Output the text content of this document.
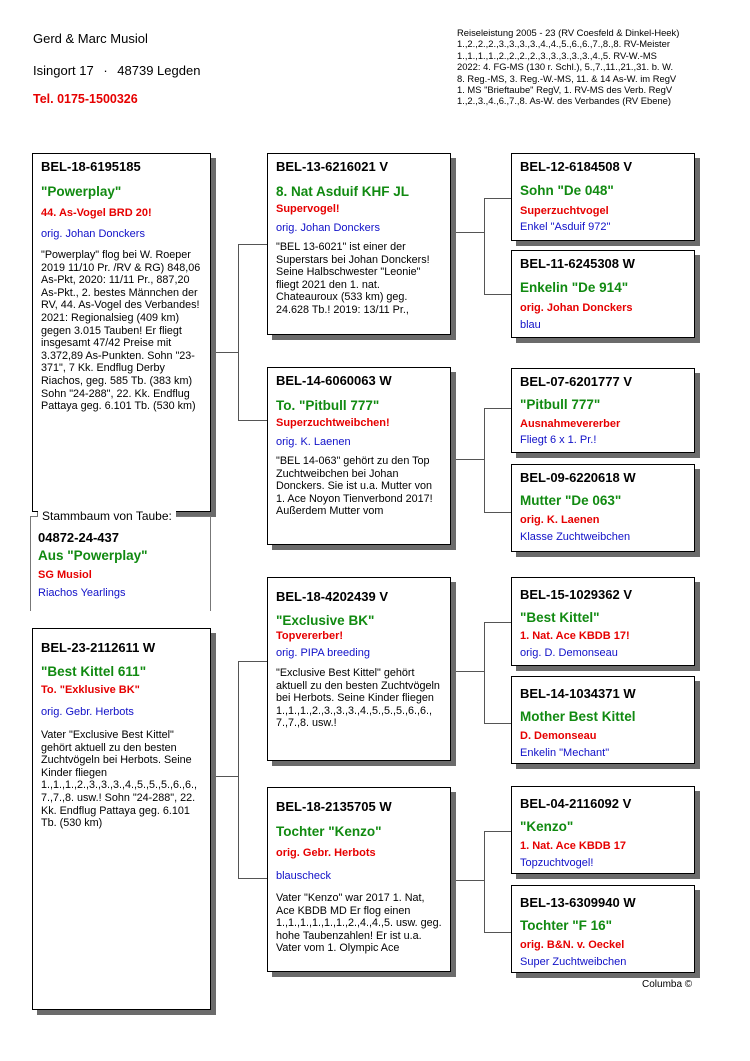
Gerd & Marc Musiol
Isingort 17 · 48739 Legden
Tel. 0175-1500326
Reiseleistung 2005 - 23 (RV Coesfeld & Dinkel-Heek)
1.,2.,2.,2.,3.,3.,3.,3.,4.,4.,5.,6.,6.,7.,8.,8. RV-Meister
1.,1.,1.,1.,2.,2.,2.,2.,3.,3.,3.,3.,3.,4.,5. RV-W.-MS
2022: 4. FG-MS (130 r. Schl.), 5.,7.,11.,21.,31. b. W.
8. Reg.-MS, 3. Reg.-W.-MS, 11. & 14 As-W. im RegV
1. MS "Brieftaube" RegV, 1. RV-MS des Verb. RegV
1.,2.,3.,4.,6.,7.,8. As-W. des Verbandes (RV Ebene)
BEL-18-6195185
"Powerplay"
44. As-Vogel BRD 20!
orig. Johan Donckers
"Powerplay" flog bei W. Roeper 2019 11/10 Pr. /RV & RG) 848,06 As-Pkt, 2020: 11/11 Pr., 887,20 As-Pkt., 2. bestes Männchen der RV, 44. As-Vogel des Verbandes! 2021: Regionalsieg (409 km) gegen 3.015 Tauben! Er fliegt insgesamt 47/42 Preise mit 3.372,89 As-Punkten. Sohn "23-371", 7 Kk. Endflug Derby Riachos, geg. 585 Tb. (383 km) Sohn "24-288", 22. Kk. Endflug Pattaya geg. 6.101 Tb. (530 km)
Stammbaum von Taube:
04872-24-437
Aus "Powerplay"
SG Musiol
Riachos Yearlings
BEL-23-2112611 W
"Best Kittel 611"
To. "Exklusive BK"
orig. Gebr. Herbots
Vater "Exclusive Best Kittel" gehört aktuell zu den besten Zuchtvögeln bei Herbots. Seine Kinder fliegen 1.,1.,1.,2.,3.,3.,3.,4.,5.,5.,5.,6.,6., 7.,7.,8. usw.! Sohn "24-288", 22. Kk. Endflug Pattaya geg. 6.101 Tb. (530 km)
BEL-13-6216021 V
8. Nat Asduif KHF JL
Supervogel!
orig. Johan Donckers
"BEL 13-6021" ist einer der Superstars bei Johan Donckers! Seine Halbschwester "Leonie" fliegt 2021 den 1. nat. Chateauroux (533 km) geg. 24.628 Tb.! 2019: 13/11 Pr.,
BEL-14-6060063 W
To. "Pitbull 777"
Superzuchtweibchen!
orig. K. Laenen
"BEL 14-063" gehört zu den Top Zuchtweibchen bei Johan Donckers. Sie ist u.a. Mutter von 1. Ace Noyon Tienverbond 2017! Außerdem Mutter vom
BEL-18-4202439 V
"Exclusive BK"
Topvererber!
orig. PIPA breeding
"Exclusive Best Kittel" gehört aktuell zu den besten Zuchtvögeln bei Herbots. Seine Kinder fliegen 1.,1.,1.,2.,3.,3.,3.,4.,5.,5.,5.,6.,6., 7.,7.,8. usw.!
BEL-18-2135705 W
Tochter "Kenzo"
orig. Gebr. Herbots
blauscheck
Vater "Kenzo" war 2017 1. Nat, Ace KBDB MD Er flog einen 1.,1.,1.,1.,1.,1.,2.,4.,4.,5. usw. geg. hohe Taubenzahlen! Er ist u.a. Vater vom 1. Olympic Ace
BEL-12-6184508 V
Sohn "De 048"
Superzuchtvogel
Enkel "Asduif 972"
BEL-11-6245308 W
Enkelin "De 914"
orig. Johan Donckers
blau
BEL-07-6201777 V
"Pitbull 777"
Ausnahmevererber
Fliegt 6 x 1. Pr.!
BEL-09-6220618 W
Mutter "De 063"
orig. K. Laenen
Klasse Zuchtweibchen
BEL-15-1029362 V
"Best Kittel"
1. Nat. Ace KBDB 17!
orig. D. Demonseau
BEL-14-1034371 W
Mother Best Kittel
D. Demonseau
Enkelin "Mechant"
BEL-04-2116092 V
"Kenzo"
1. Nat. Ace KBDB 17
Topzuchtvogel!
BEL-13-6309940 W
Tochter "F 16"
orig. B&N. v. Oeckel
Super Zuchtweibchen
Columba ©
